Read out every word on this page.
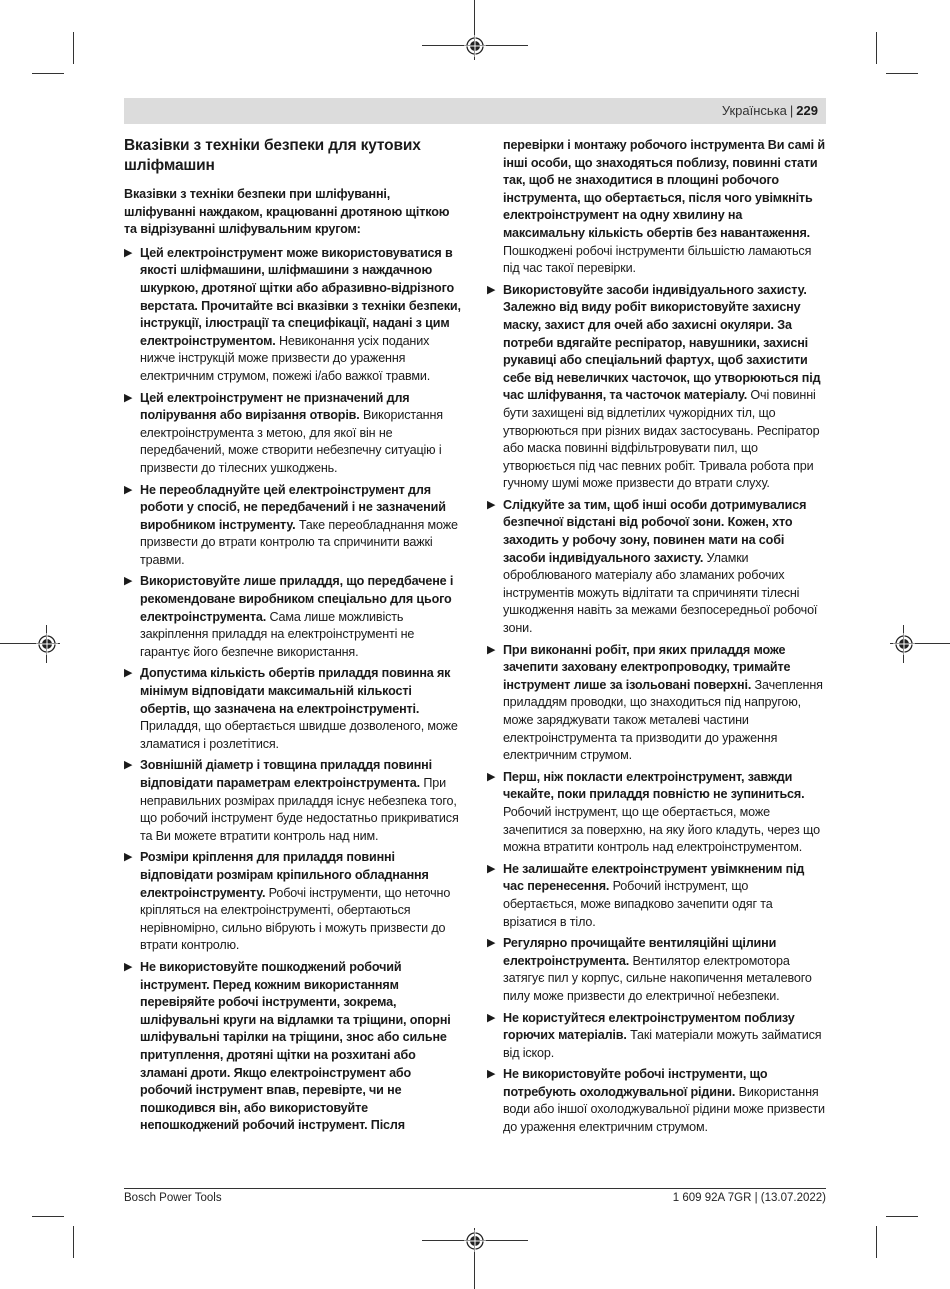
Українська | 229
Вказівки з техніки безпеки для кутових шліфмашин

Вказівки з техніки безпеки при шліфуванні, шліфуванні наждаком, крацюванні дротяною щіткою та відрізуванні шліфувальним кругом:

▶ Цей електроінструмент може використовуватися в якості шліфмашини, шліфмашини з наждачною шкуркою, дротяної щітки або абразивно-відрізного верстата. Прочитайте всі вказівки з техніки безпеки, інструкції, ілюстрації та специфікації, надані з цим електроінструментом. Невиконання усіх поданих нижче інструкцій може призвести до ураження електричним струмом, пожежі і/або важкої травми.
▶ Цей електроінструмент не призначений для полірування або вирізання отворів. Використання електроінструмента з метою, для якої він не передбачений, може створити небезпечну ситуацію і призвести до тілесних ушкоджень.
▶ Не переобладнуйте цей електроінструмент для роботи у спосіб, не передбачений і не зазначений виробником інструменту. Таке переобладнання може призвести до втрати контролю та спричинити важкі травми.
▶ Використовуйте лише приладдя, що передбачене і рекомендоване виробником спеціально для цього електроінструмента. Сама лише можливість закріплення приладдя на електроінструменті не гарантує його безпечне використання.
▶ Допустима кількість обертів приладдя повинна як мінімум відповідати максимальній кількості обертів, що зазначена на електроінструменті. Приладдя, що обертається швидше дозволеного, може зламатися і розлетітися.
▶ Зовнішній діаметр і товщина приладдя повинні відповідати параметрам електроінструмента. При неправильних розмірах приладдя існує небезпека того, що робочий інструмент буде недостатньо прикриватися та Ви можете втратити контроль над ним.
▶ Розміри кріплення для приладдя повинні відповідати розмірам кріпильного обладнання електроінструменту. Робочі інструменти, що неточно кріпляться на електроінструменті, обертаються нерівномірно, сильно вібрують і можуть призвести до втрати контролю.
▶ Не використовуйте пошкоджений робочий інструмент. Перед кожним використанням перевіряйте робочі інструменти, зокрема, шліфувальні круги на відламки та тріщини, опорні шліфувальні тарілки на тріщини, знос або сильне притуплення, дротяні щітки на розхитані або зламані дроти. Якщо електроінструмент або робочий інструмент впав, перевірте, чи не пошкодився він, або використовуйте непошкоджений робочий інструмент. Після
перевірки і монтажу робочого інструмента Ви самі й інші особи, що знаходяться поблизу, повинні стати так, щоб не знаходитися в площині робочого інструмента, що обертається, після чого увімкніть електроінструмент на одну хвилину на максимальну кількість обертів без навантаження. Пошкоджені робочі інструменти більшістю ламаються під час такої перевірки.
▶ Використовуйте засоби індивідуального захисту. Залежно від виду робіт використовуйте захисну маску, захист для очей або захисні окуляри. За потреби вдягайте респіратор, навушники, захисні рукавиці або спеціальний фартух, щоб захистити себе від невеличких часточок, що утворюються під час шліфування, та часточок матеріалу. Очі повинні бути захищені від відлетілих чужорідних тіл, що утворюються при різних видах застосувань. Респіратор або маска повинні відфільтровувати пил, що утворюється під час певних робіт. Тривала робота при гучному шумі може призвести до втрати слуху.
▶ Слідкуйте за тим, щоб інші особи дотримувалися безпечної відстані від робочої зони. Кожен, хто заходить у робочу зону, повинен мати на собі засоби індивідуального захисту. Уламки оброблюваного матеріалу або зламаних робочих інструментів можуть відлітати та спричиняти тілесні ушкодження навіть за межами безпосередньої робочої зони.
▶ При виконанні робіт, при яких приладдя може зачепити заховану електропроводку, тримайте інструмент лише за ізольовані поверхні. Зачеплення приладдям проводки, що знаходиться під напругою, може заряджувати також металеві частини електроінструмента та призводити до ураження електричним струмом.
▶ Перш, ніж покласти електроінструмент, завжди чекайте, поки приладдя повністю не зупиниться. Робочий інструмент, що ще обертається, може зачепитися за поверхню, на яку його кладуть, через що можна втратити контроль над електроінструментом.
▶ Не залишайте електроінструмент увімкненим під час перенесення. Робочий інструмент, що обертається, може випадково зачепити одяг та врізатися в тіло.
▶ Регулярно прочищайте вентиляційні щілини електроінструмента. Вентилятор електромотора затягує пил у корпус, сильне накопичення металевого пилу може призвести до електричної небезпеки.
▶ Не користуйтеся електроінструментом поблизу горючих матеріалів. Такі матеріали можуть займатися від іскор.
▶ Не використовуйте робочі інструменти, що потребують охолоджувальної рідини. Використання води або іншої охолоджувальної рідини може призвести до ураження електричним струмом.
Bosch Power Tools	1 609 92A 7GR | (13.07.2022)
